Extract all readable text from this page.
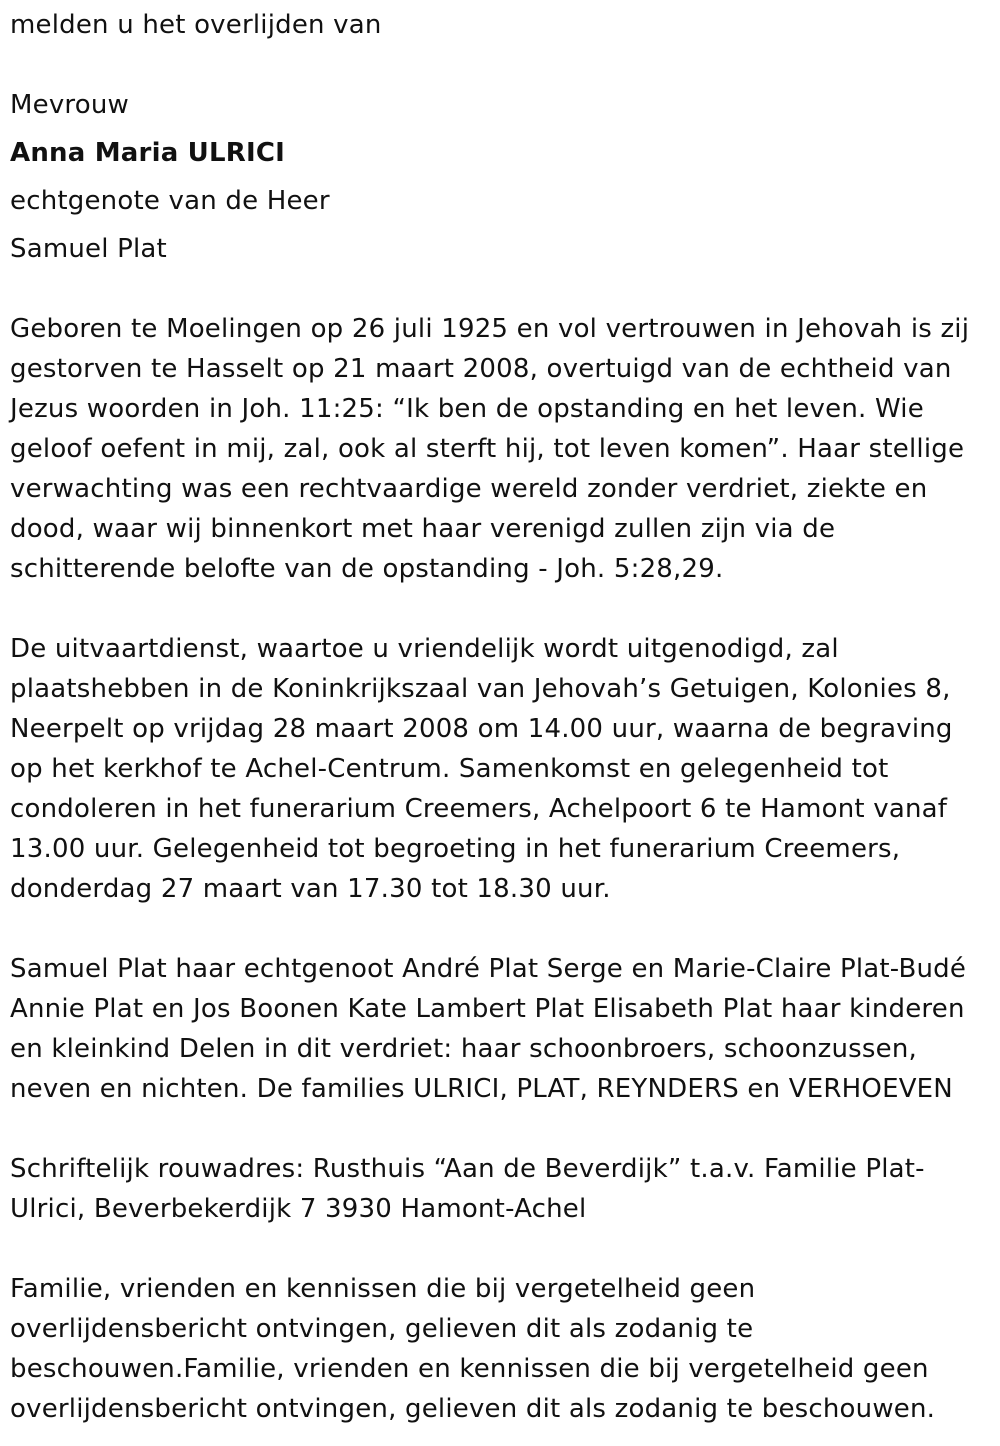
melden u het overlijden van
Mevrouw
Anna Maria ULRICI
echtgenote van de Heer
Samuel Plat
Geboren te Moelingen op 26 juli 1925 en vol vertrouwen in Jehovah is zij gestorven te Hasselt op 21 maart 2008, overtuigd van de echtheid van Jezus woorden in Joh. 11:25: “Ik ben de opstanding en het leven. Wie geloof oefent in mij, zal, ook al sterft hij, tot leven komen”. Haar stellige verwachting was een rechtvaardige wereld zonder verdriet, ziekte en dood, waar wij binnenkort met haar verenigd zullen zijn via de schitterende belofte van de opstanding - Joh. 5:28,29.
De uitvaartdienst, waartoe u vriendelijk wordt uitgenodigd, zal plaatshebben in de Koninkrijkszaal van Jehovah’s Getuigen, Kolonies 8, Neerpelt op vrijdag 28 maart 2008 om 14.00 uur, waarna de begraving op het kerkhof te Achel-Centrum. Samenkomst en gelegenheid tot condoleren in het funerarium Creemers, Achelpoort 6 te Hamont vanaf 13.00 uur. Gelegenheid tot begroeting in het funerarium Creemers, donderdag 27 maart van 17.30 tot 18.30 uur.
Samuel Plat haar echtgenoot André Plat Serge en Marie-Claire Plat-Budé Annie Plat en Jos Boonen Kate Lambert Plat Elisabeth Plat haar kinderen en kleinkind Delen in dit verdriet: haar schoonbroers, schoonzussen, neven en nichten. De families ULRICI, PLAT, REYNDERS en VERHOEVEN
Schriftelijk rouwadres: Rusthuis “Aan de Beverdijk” t.a.v. Familie Plat-Ulrici, Beverbekerdijk 7 3930 Hamont-Achel
Familie, vrienden en kennissen die bij vergetelheid geen overlijdensbericht ontvingen, gelieven dit als zodanig te beschouwen.Familie, vrienden en kennissen die bij vergetelheid geen overlijdensbericht ontvingen, gelieven dit als zodanig te beschouwen.
